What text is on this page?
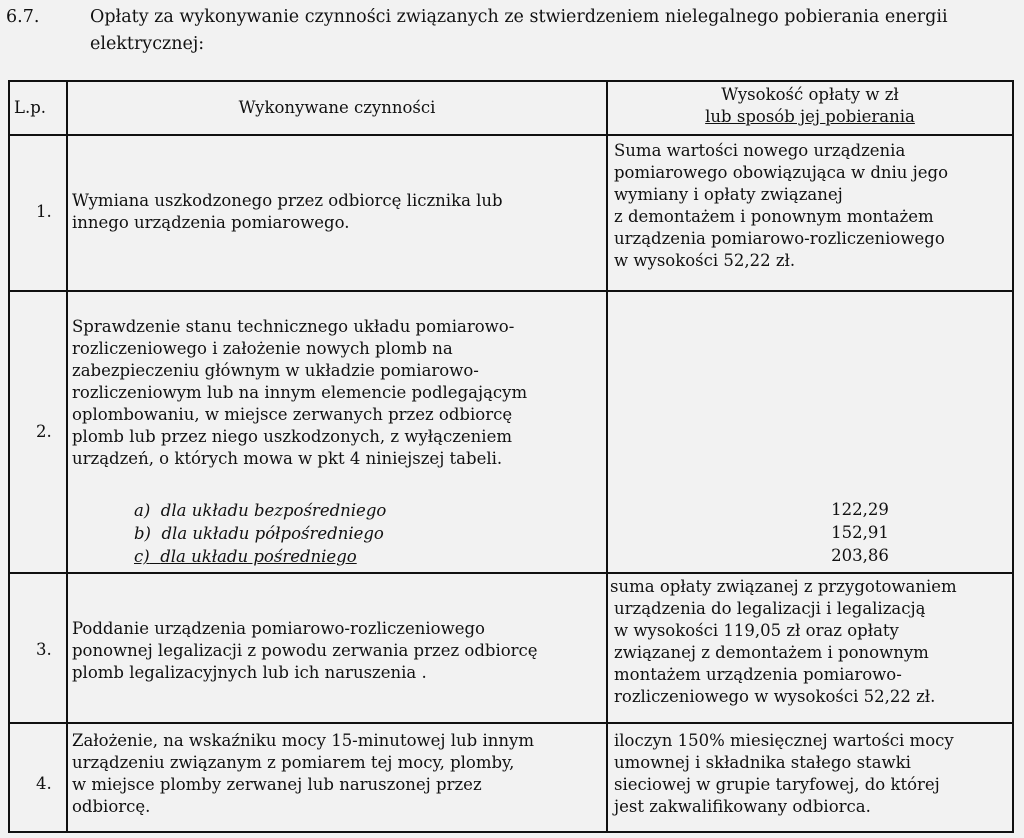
6.7.	Opłaty za wykonywanie czynności związanych ze stwierdzeniem nielegalnego pobierania energii elektrycznej:
L.p.	Wykonywane czynności
Wysokość opłaty w zł
lub sposób jej pobierania
1.
Wymiana uszkodzonego przez odbiorcę licznika lub
innego urządzenia pomiarowego.
Suma wartości nowego urządzenia
pomiarowego obowiązująca w dniu jego
wymiany i opłaty związanej
z demontażem i ponownym montażem
urządzenia pomiarowo-rozliczeniowego
w wysokości 52,22 zł.
2.
Sprawdzenie stanu technicznego układu pomiarowo-
rozliczeniowego i założenie nowych plomb na
zabezpieczeniu głównym w układzie pomiarowo-
rozliczeniowym lub na innym elemencie podlegającym
oplombowaniu, w miejsce zerwanych przez odbiorcę
plomb lub przez niego uszkodzonych, z wyłączeniem
urządzeń, o których mowa w pkt 4 niniejszej tabeli.
a) dla układu bezpośredniego
b) dla układu półpośredniego
c) dla układu pośredniego
122,29
152,91
203,86
3.
Poddanie urządzenia pomiarowo-rozliczeniowego
ponownej legalizacji z powodu zerwania przez odbiorcę
plomb legalizacyjnych lub ich naruszenia .
suma opłaty związanej z przygotowaniem
urządzenia do legalizacji i legalizacją
w wysokości 119,05 zł oraz opłaty
związanej z demontażem i ponownym
montażem urządzenia pomiarowo-
rozliczeniowego w wysokości 52,22 zł.
4.
Założenie, na wskaźniku mocy 15-minutowej lub innym
urządzeniu związanym z pomiarem tej mocy, plomby,
w miejsce plomby zerwanej lub naruszonej przez
odbiorcę.
iloczyn 150% miesięcznej wartości mocy
umownej i składnika stałego stawki
sieciowej w grupie taryfowej, do której
jest zakwalifikowany odbiorca.
